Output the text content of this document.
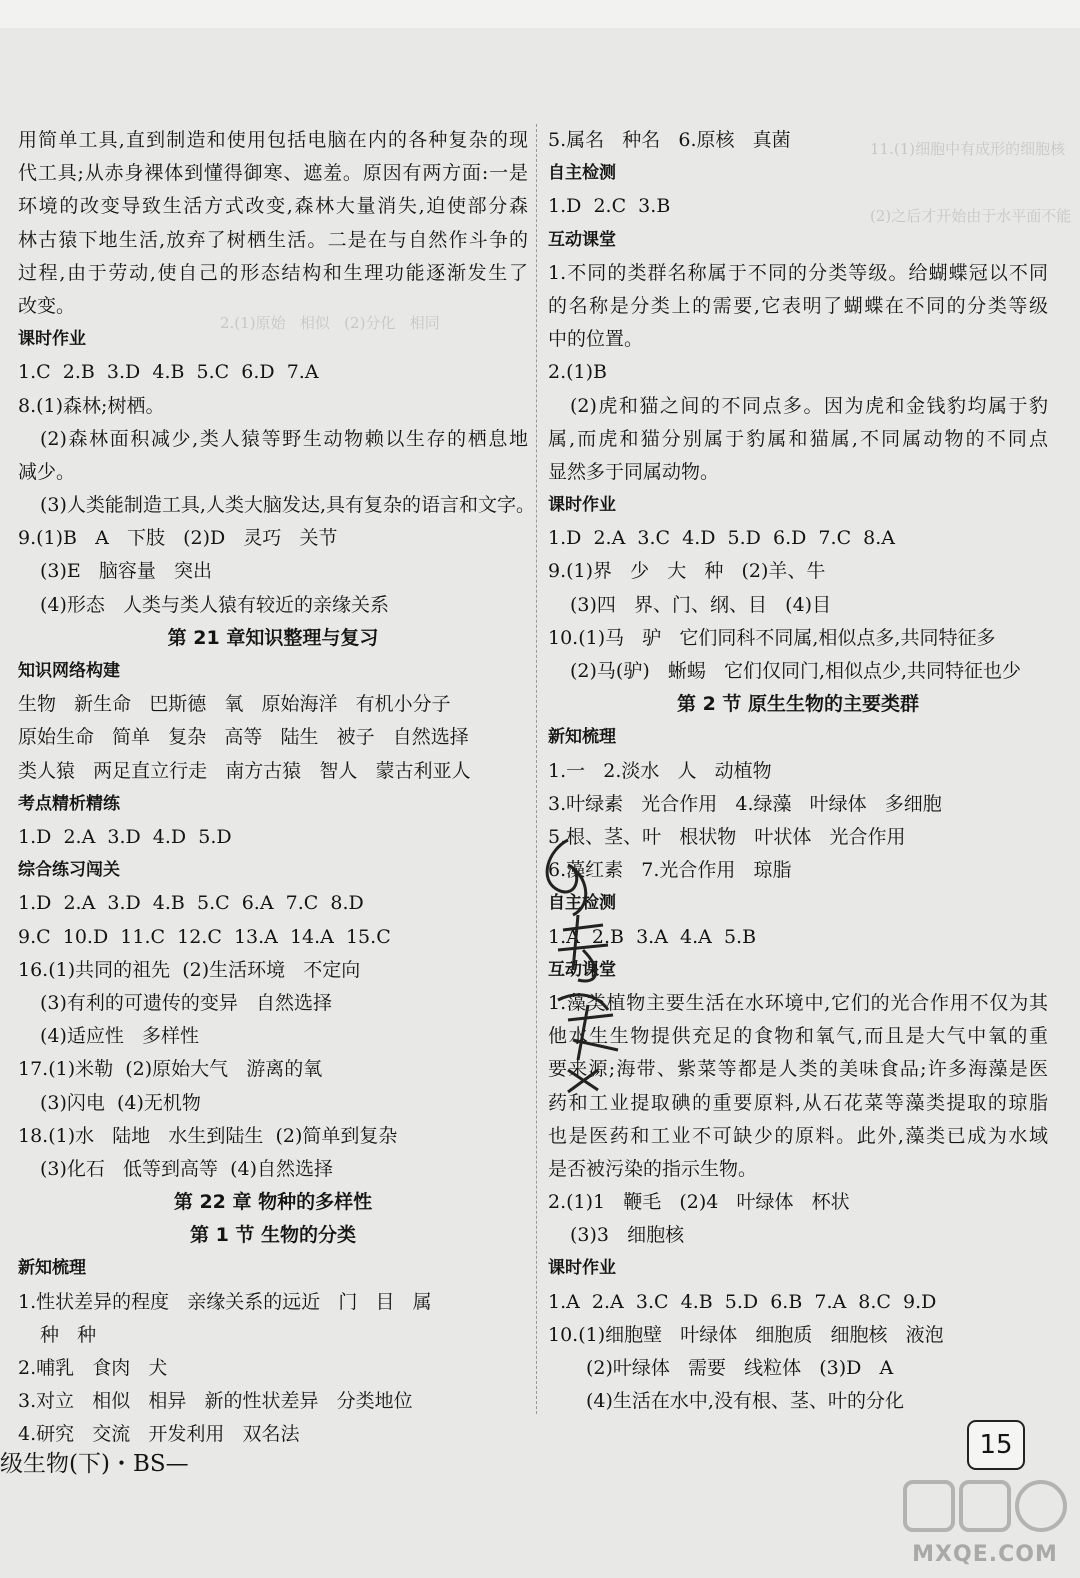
11.(1)细胞中有成形的细胞核
(2)之后才开始由于水平面不能
2.(1)原始   相似   (2)分化   相同
用简单工具,直到制造和使用包括电脑在内的各种复杂的现
代工具;从赤身裸体到懂得御寒、遮羞。原因有两方面:一是
环境的改变导致生活方式改变,森林大量消失,迫使部分森
林古猿下地生活,放弃了树栖生活。二是在与自然作斗争的
过程,由于劳动,使自己的形态结构和生理功能逐渐发生了
改变。
课时作业
1.C  2.B  3.D  4.B  5.C  6.D  7.A
8.(1)森林;树栖。
(2)森林面积减少,类人猿等野生动物赖以生存的栖息地
减少。
(3)人类能制造工具,人类大脑发达,具有复杂的语言和文字。
9.(1)B   A   下肢   (2)D   灵巧   关节
(3)E   脑容量   突出
(4)形态   人类与类人猿有较近的亲缘关系
第 21 章知识整理与复习
知识网络构建
生物   新生命   巴斯德   氧   原始海洋   有机小分子
原始生命   简单   复杂   高等   陆生   被子   自然选择
类人猿   两足直立行走   南方古猿   智人   蒙古利亚人
考点精析精练
1.D  2.A  3.D  4.D  5.D
综合练习闯关
1.D  2.A  3.D  4.B  5.C  6.A  7.C  8.D
9.C  10.D  11.C  12.C  13.A  14.A  15.C
16.(1)共同的祖先  (2)生活环境   不定向
(3)有利的可遗传的变异   自然选择
(4)适应性   多样性
17.(1)米勒  (2)原始大气   游离的氧
(3)闪电  (4)无机物
18.(1)水   陆地   水生到陆生  (2)简单到复杂
(3)化石   低等到高等  (4)自然选择
第 22 章 物种的多样性
第 1 节 生物的分类
新知梳理
1.性状差异的程度   亲缘关系的远近   门   目   属
种   种
2.哺乳   食肉   犬
3.对立   相似   相异   新的性状差异   分类地位
4.研究   交流   开发利用   双名法
5.属名   种名   6.原核   真菌
自主检测
1.D  2.C  3.B
互动课堂
1.不同的类群名称属于不同的分类等级。给蝴蝶冠以不同
的名称是分类上的需要,它表明了蝴蝶在不同的分类等级
中的位置。
2.(1)B
(2)虎和猫之间的不同点多。因为虎和金钱豹均属于豹
属,而虎和猫分别属于豹属和猫属,不同属动物的不同点
显然多于同属动物。
课时作业
1.D  2.A  3.C  4.D  5.D  6.D  7.C  8.A
9.(1)界   少   大   种   (2)羊、牛
(3)四   界、门、纲、目   (4)目
10.(1)马   驴   它们同科不同属,相似点多,共同特征多
(2)马(驴)   蜥蜴   它们仅同门,相似点少,共同特征也少
第 2 节 原生生物的主要类群
新知梳理
1.一   2.淡水   人   动植物
3.叶绿素   光合作用   4.绿藻   叶绿体   多细胞
5.根、茎、叶   根状物   叶状体   光合作用
6.藻红素   7.光合作用   琼脂
自主检测
1.A  2.B  3.A  4.A  5.B
互动课堂
1.藻类植物主要生活在水环境中,它们的光合作用不仅为其
他水生生物提供充足的食物和氧气,而且是大气中氧的重
要来源;海带、紫菜等都是人类的美味食品;许多海藻是医
药和工业提取碘的重要原料,从石花菜等藻类提取的琼脂
也是医药和工业不可缺少的原料。此外,藻类已成为水域
是否被污染的指示生物。
2.(1)1   鞭毛   (2)4   叶绿体   杯状
(3)3   细胞核
课时作业
1.A  2.A  3.C  4.B  5.D  6.B  7.A  8.C  9.D
10.(1)细胞壁   叶绿体   细胞质   细胞核   液泡
(2)叶绿体   需要   线粒体   (3)D   A
(4)生活在水中,没有根、茎、叶的分化
级生物(下)・BS—
15
MXQE.COM
